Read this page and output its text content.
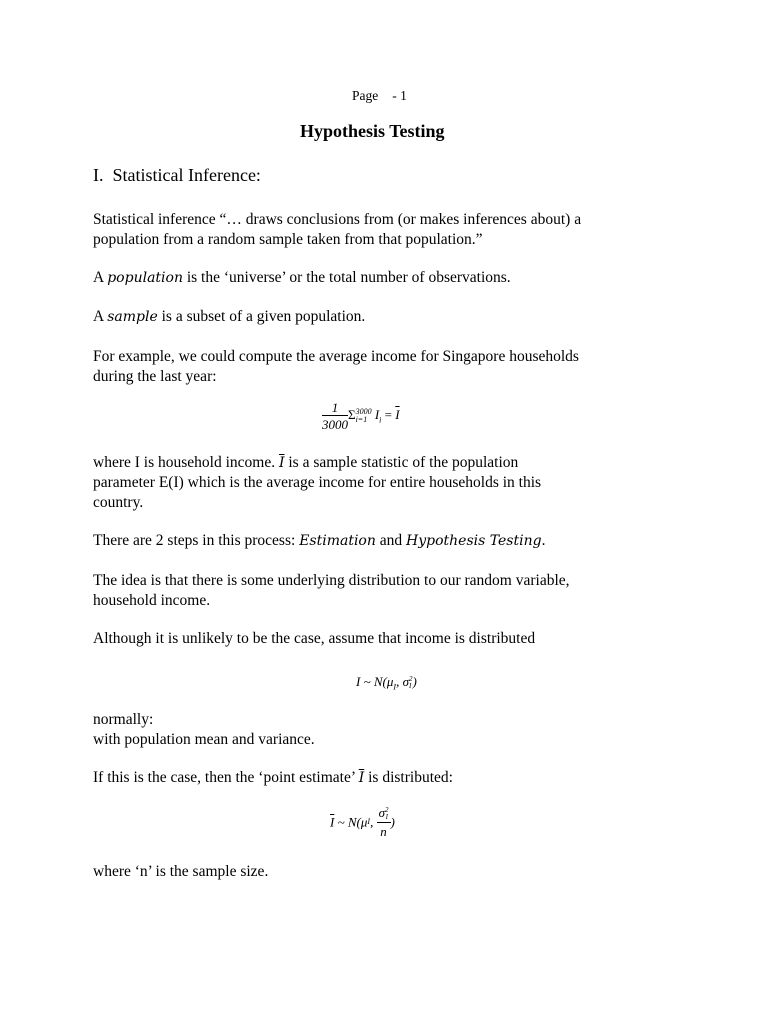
Page - 1
Hypothesis Testing
I. Statistical Inference:
Statistical inference “… draws conclusions from (or makes inferences about) a
population from a random sample taken from that population.”
A population is the ‘universe’ or the total number of observations.
A sample is a subset of a given population.
For example, we could compute the average income for Singapore households
during the last year:
$\frac{1}{3000}$ Σ 3000
i=1 $I_i = \overline{I}$
where I is household income. $\overline{I}$ is a sample statistic of the population
parameter E(I) which is the average income for entire households in this
country.
There are 2 steps in this process: Estimation and Hypothesis Testing.
The idea is that there is some underlying distribution to our random variable,
household income.
Although it is unlikely to be the case, assume that income is distributed
I ~ $N(\mu_I$, σ 2
I )
normally:
with population mean and variance.
If this is the case, then the ‘point estimate’ $\overline{I}$ is distributed:
$\overline{I}$ ~ N(μI, σ 2
I
n )
where ‘n’ is the sample size.
